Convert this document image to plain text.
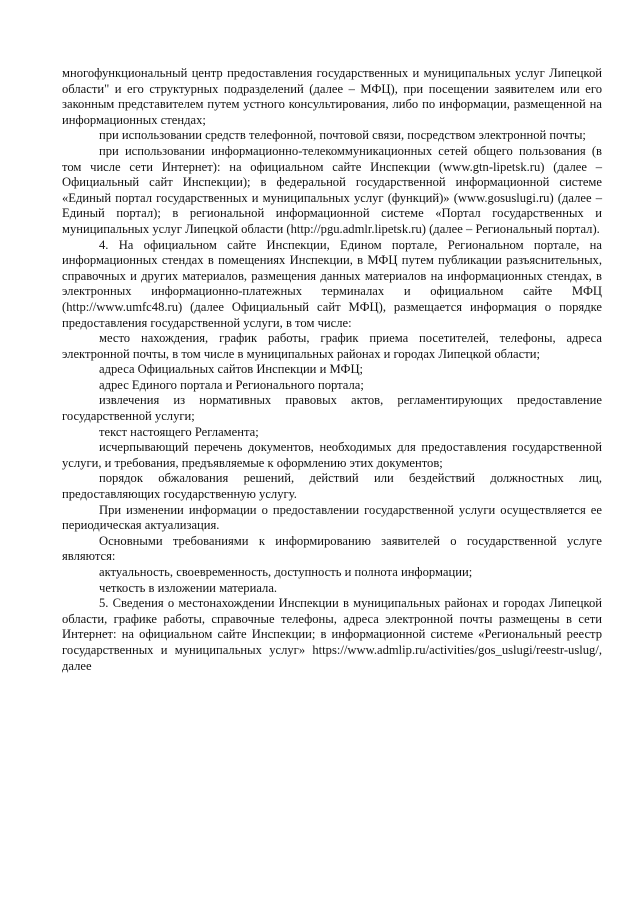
многофункциональный центр предоставления государственных и муниципальных услуг Липецкой области" и его структурных подразделений (далее – МФЦ), при посещении заявителем или его законным представителем путем устного консультирования, либо по информации, размещенной на информационных стендах;

при использовании средств телефонной, почтовой связи, посредством электронной почты;

при использовании информационно-телекоммуникационных сетей общего пользования (в том числе сети Интернет): на официальном сайте Инспекции (www.gtn-lipetsk.ru) (далее – Официальный сайт Инспекции); в федеральной государственной информационной системе «Единый портал государственных и муниципальных услуг (функций)» (www.gosuslugi.ru) (далее – Единый портал); в региональной информационной системе «Портал государственных и муниципальных услуг Липецкой области (http://pgu.admlr.lipetsk.ru) (далее – Региональный портал).

4. На официальном сайте Инспекции, Едином портале, Региональном портале, на информационных стендах в помещениях Инспекции, в МФЦ путем публикации разъяснительных, справочных и других материалов, размещения данных материалов на информационных стендах, в электронных информационно-платежных терминалах и официальном сайте МФЦ (http://www.umfc48.ru) (далее Официальный сайт МФЦ), размещается информация о порядке предоставления государственной услуги, в том числе:

место нахождения, график работы, график приема посетителей, телефоны, адреса электронной почты, в том числе в муниципальных районах и городах Липецкой области;

адреса Официальных сайтов Инспекции и МФЦ;

адрес Единого портала и Регионального портала;

извлечения из нормативных правовых актов, регламентирующих предоставление государственной услуги;

текст настоящего Регламента;

исчерпывающий перечень документов, необходимых для предоставления государственной услуги, и требования, предъявляемые к оформлению этих документов;

порядок обжалования решений, действий или бездействий должностных лиц, предоставляющих государственную услугу.

При изменении информации о предоставлении государственной услуги осуществляется ее периодическая актуализация.

Основными требованиями к информированию заявителей о государственной услуге являются:

актуальность, своевременность, доступность и полнота информации;

четкость в изложении материала.

5. Сведения о местонахождении Инспекции в муниципальных районах и городах Липецкой области, графике работы, справочные телефоны, адреса электронной почты размещены в сети Интернет: на официальном сайте Инспекции; в информационной системе «Региональный реестр государственных и муниципальных услуг» https://www.admlip.ru/activities/gos_uslugi/reestr-uslug/, далее
